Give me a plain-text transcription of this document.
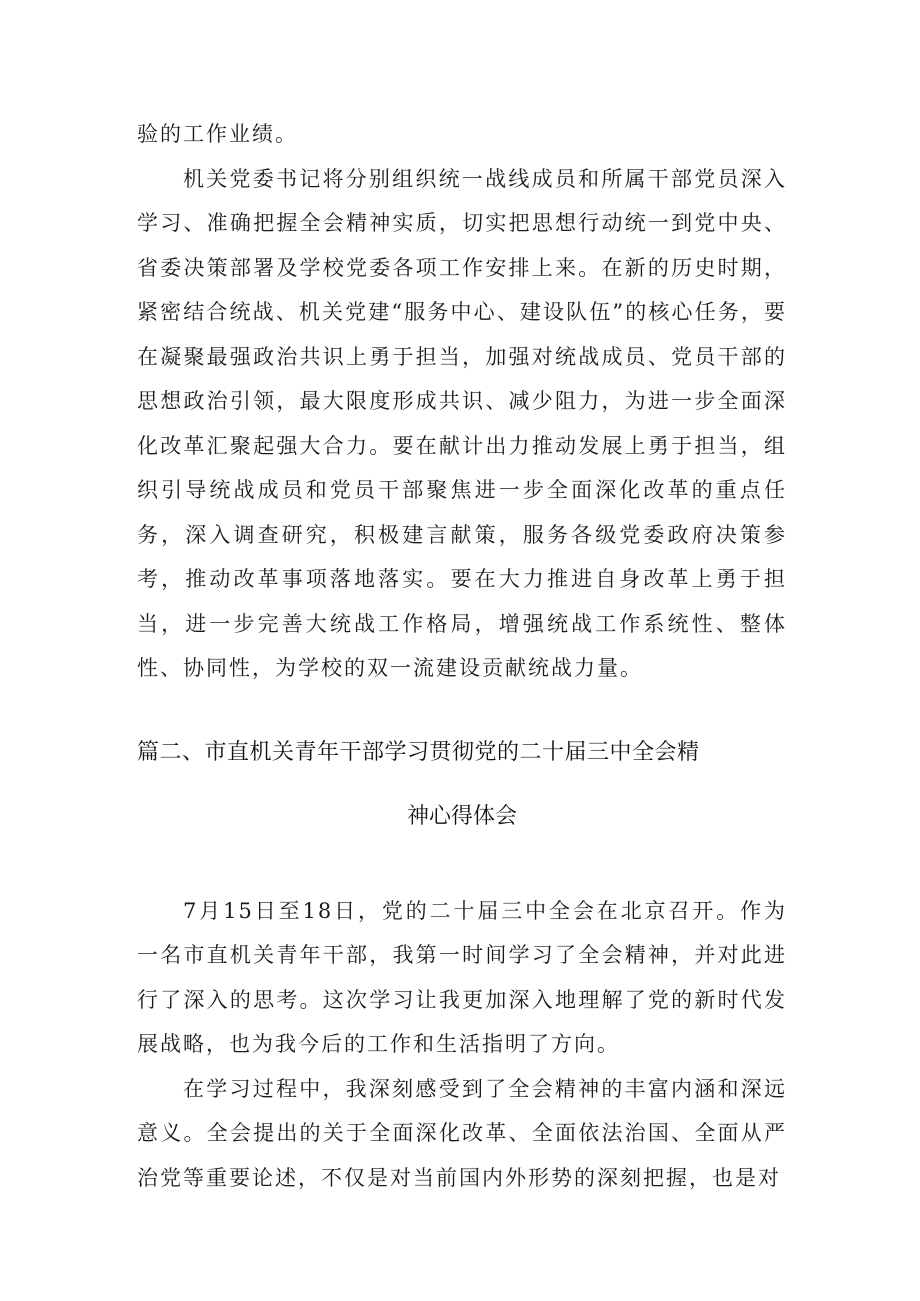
验的工作业绩。

机关党委书记将分别组织统一战线成员和所属干部党员深入学习、准确把握全会精神实质，切实把思想行动统一到党中央、省委决策部署及学校党委各项工作安排上来。在新的历史时期，紧密结合统战、机关党建“服务中心、建设队伍”的核心任务，要在凝聚最强政治共识上勇于担当，加强对统战成员、党员干部的思想政治引领，最大限度形成共识、减少阻力，为进一步全面深化改革汇聚起强大合力。要在献计出力推动发展上勇于担当，组织引导统战成员和党员干部聚焦进一步全面深化改革的重点任务，深入调查研究，积极建言献策，服务各级党委政府决策参考，推动改革事项落地落实。要在大力推进自身改革上勇于担当，进一步完善大统战工作格局，增强统战工作系统性、整体性、协同性，为学校的双一流建设贡献统战力量。

篇二、市直机关青年干部学习贯彻党的二十届三中全会精

神心得体会

7月15日至18日，党的二十届三中全会在北京召开。作为一名市直机关青年干部，我第一时间学习了全会精神，并对此进行了深入的思考。这次学习让我更加深入地理解了党的新时代发展战略，也为我今后的工作和生活指明了方向。

在学习过程中，我深刻感受到了全会精神的丰富内涵和深远意义。全会提出的关于全面深化改革、全面依法治国、全面从严治党等重要论述，不仅是对当前国内外形势的深刻把握，也是对
